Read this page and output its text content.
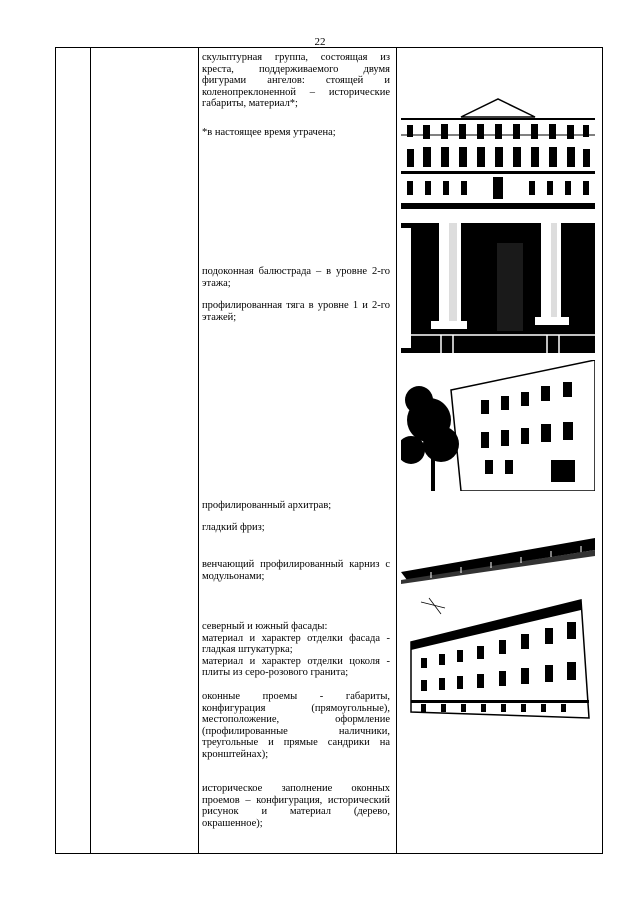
22
скульптурная группа, состоящая из креста, поддерживаемого двумя фигурами ангелов: стоящей и коленопреклоненной – исторические габариты, материал*;
*в настоящее время утрачена;
подоконная балюстрада – в уровне 2-го этажа;
профилированная тяга в уровне 1 и 2-го этажей;
профилированный архитрав;
гладкий фриз;
венчающий профилированный карниз с модульонами;

северный и южный фасады:

материал и характер отделки фасада - гладкая штукатурка;

материал и характер отделки цоколя - плиты из серо-розового гранита;

оконные проемы - габариты, конфигурация (прямоугольные), местоположение, оформление (профилированные наличники, треугольные и прямые сандрики на кронштейнах);
историческое заполнение оконных проемов – конфигурация, исторический рисунок и материал (дерево, окрашенное);
